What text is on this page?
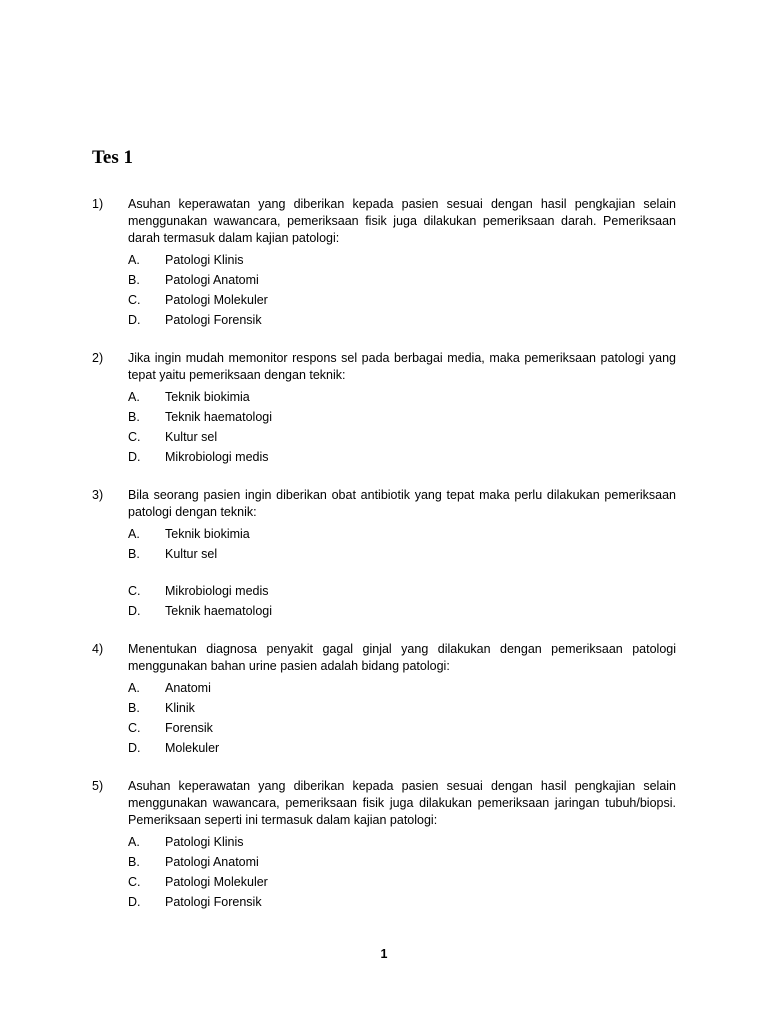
Tes 1
1) Asuhan keperawatan yang diberikan kepada pasien sesuai dengan hasil pengkajian selain menggunakan wawancara, pemeriksaan fisik juga dilakukan pemeriksaan darah. Pemeriksaan darah termasuk dalam kajian patologi:
A.	Patologi Klinis
B.	Patologi Anatomi
C.	Patologi Molekuler
D.	Patologi Forensik
2) Jika ingin mudah memonitor respons sel pada berbagai media, maka pemeriksaan patologi yang tepat yaitu pemeriksaan dengan teknik:
A.	Teknik biokimia
B.	Teknik haematologi
C.	Kultur sel
D.	Mikrobiologi medis
3) Bila seorang pasien ingin diberikan obat antibiotik yang tepat maka perlu dilakukan pemeriksaan patologi dengan teknik:
A.	Teknik biokimia
B.	Kultur sel
C.	Mikrobiologi medis
D.	Teknik haematologi
4) Menentukan diagnosa penyakit gagal ginjal yang dilakukan dengan pemeriksaan patologi menggunakan bahan urine pasien adalah bidang patologi:
A.	Anatomi
B.	Klinik
C.	Forensik
D.	Molekuler
5) Asuhan keperawatan yang diberikan kepada pasien sesuai dengan hasil pengkajian selain menggunakan wawancara, pemeriksaan fisik juga dilakukan pemeriksaan jaringan tubuh/biopsi. Pemeriksaan seperti ini termasuk dalam kajian patologi:
A.	Patologi Klinis
B.	Patologi Anatomi
C.	Patologi Molekuler
D.	Patologi Forensik
1
